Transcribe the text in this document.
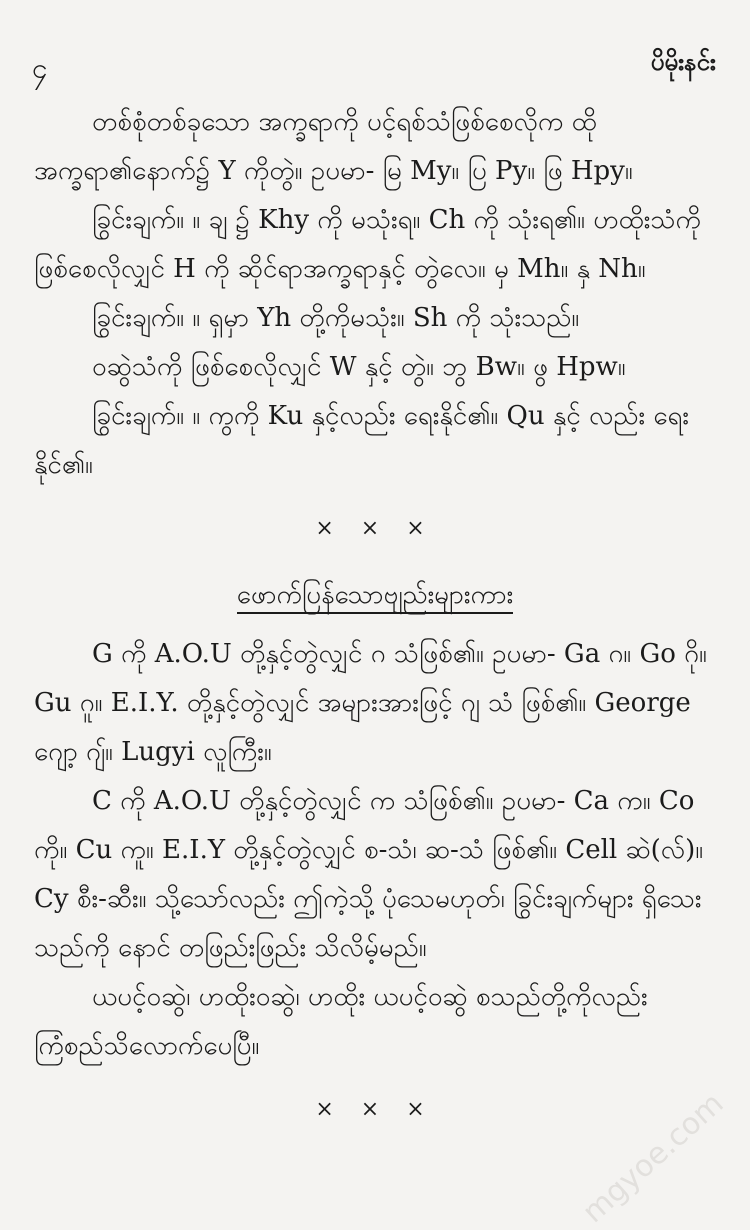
၄	ပိမိုးနင်း

တစ်စုံတစ်ခုသော အက္ခရာကို ပင့်ရစ်သံဖြစ်စေလိုက ထို အက္ခရာ၏နောက်၌ Y ကိုတွဲ။ ဥပမာ- မြ My။ ပြ Py။ ဖြ Hpy။

ခြွင်းချက်။ ။ ချ ၌ Khy ကို မသုံးရ။ Ch ကို သုံးရ၏။ ဟထိုးသံကို ဖြစ်စေလိုလျှင် H ကို ဆိုင်ရာအက္ခရာနှင့် တွဲလေ။ မှ Mh။ နှ Nh။

ခြွင်းချက်။ ။ ရှမှာ Yh တို့ကိုမသုံး။ Sh ကို သုံးသည်။

ဝဆွဲသံကို ဖြစ်စေလိုလျှင် W နှင့် တွဲ။ ဘွ Bw။ ဖွ Hpw။

ခြွင်းချက်။ ။ ကွကို Ku နှင့်လည်း ရေးနိုင်၏။ Qu နှင့် လည်း ရေးနိုင်၏။

× × ×
ဖောက်ပြန်သောဗျည်းများကား

G ကို A.O.U တို့နှင့်တွဲလျှင် ဂ သံဖြစ်၏။ ဥပမာ- Ga ဂ။ Go ဂို။ Gu ဂူ။ E.I.Y. တို့နှင့်တွဲလျှင် အများအားဖြင့် ဂျ သံ ဖြစ်၏။ George ဂျော့ ဂျ်။ Lugyi လူကြီး။

C ကို A.O.U တို့နှင့်တွဲလျှင် က သံဖြစ်၏။ ဥပမာ- Ca က။ Co ကို။ Cu ကူ။ E.I.Y တို့နှင့်တွဲလျှင် စ-သံ၊ ဆ-သံ ဖြစ်၏။ Cell ဆဲ(လ်)။ Cy စီး-ဆီး။ သို့သော်လည်း ဤကဲ့သို့ ပုံသေမဟုတ်၊ ခြွင်းချက်များ ရှိသေးသည်ကို နောင် တဖြည်းဖြည်း သိလိမ့်မည်။

ယပင့်ဝဆွဲ၊ ဟထိုးဝဆွဲ၊ ဟထိုး ယပင့်ဝဆွဲ စသည်တို့ကိုလည်း ကြံစည်သိလောက်ပေပြီ။

× × ×	mgyoe.com
